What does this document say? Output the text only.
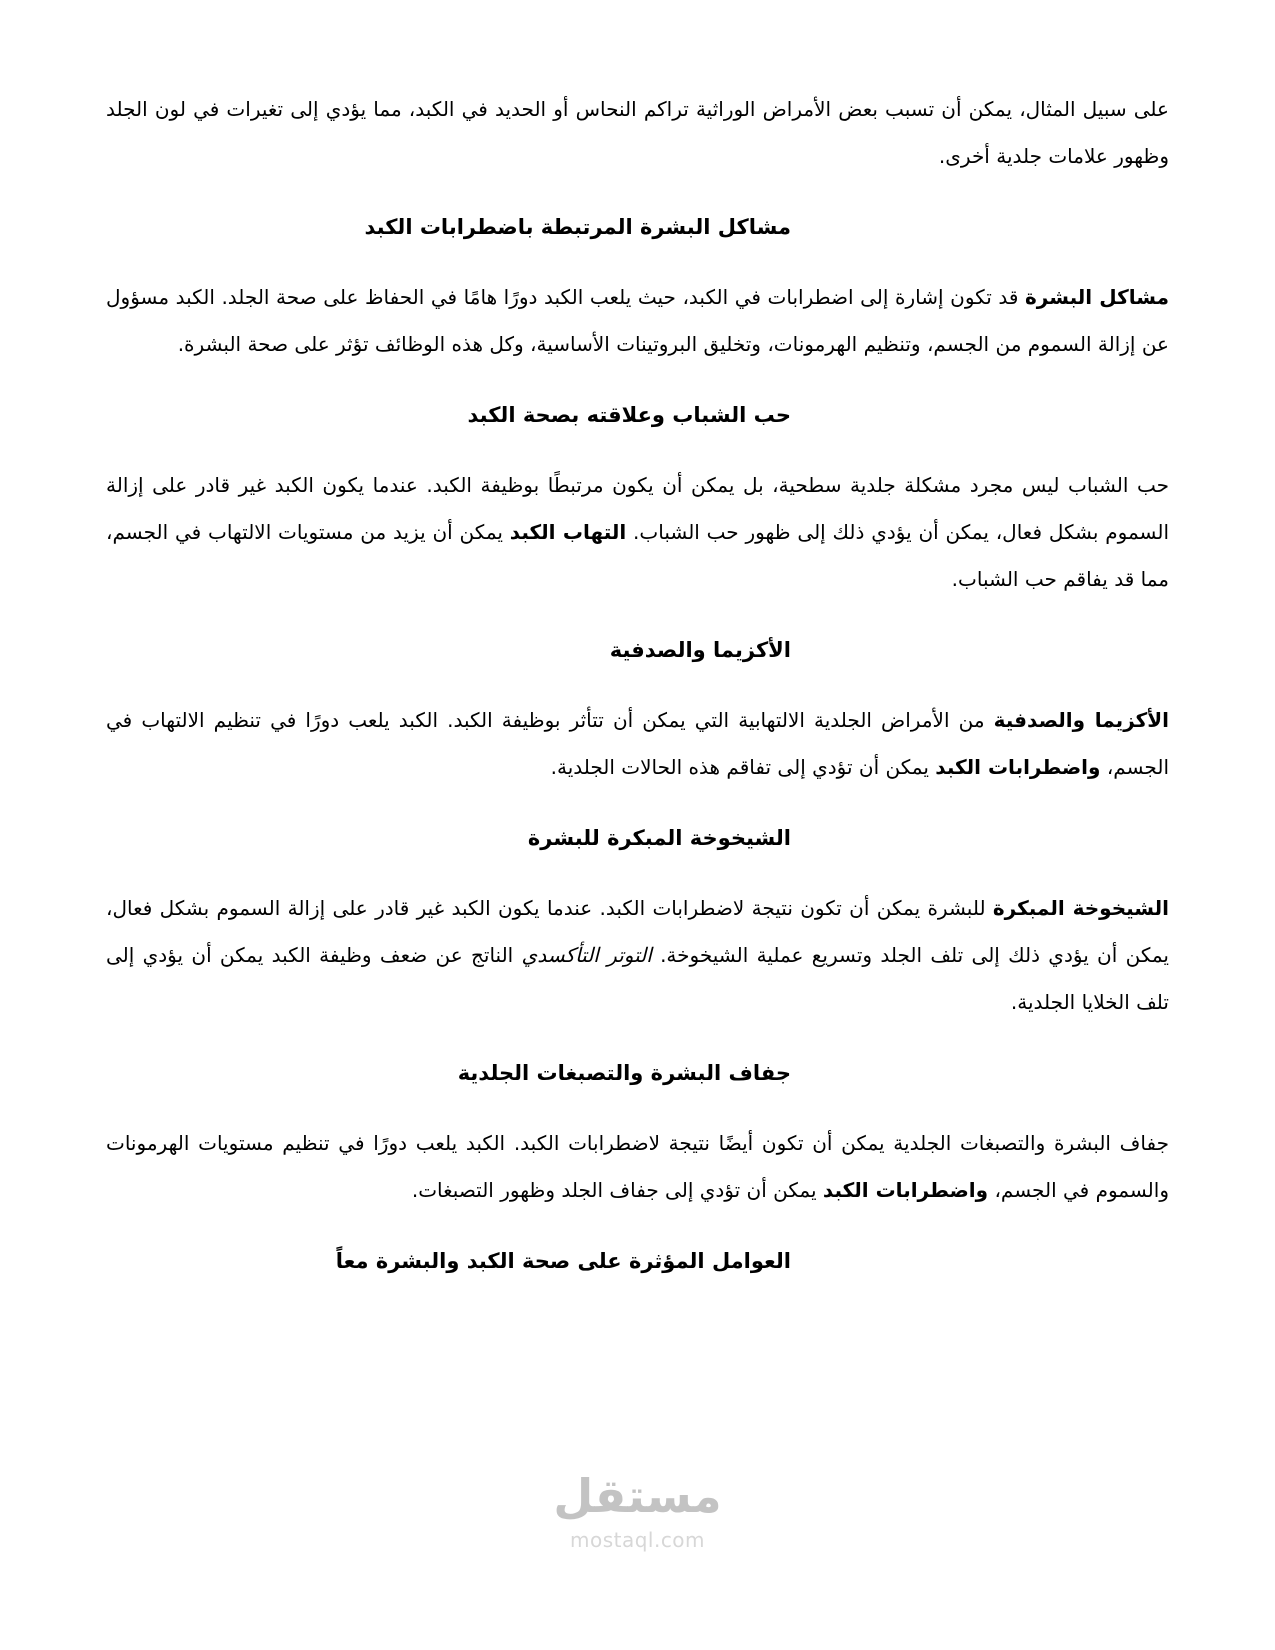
على سبيل المثال، يمكن أن تسبب بعض الأمراض الوراثية تراكم النحاس أو الحديد في الكبد، مما يؤدي إلى تغيرات في لون الجلد وظهور علامات جلدية أخرى.

مشاكل البشرة المرتبطة باضطرابات الكبد

مشاكل البشرة قد تكون إشارة إلى اضطرابات في الكبد، حيث يلعب الكبد دورًا هامًا في الحفاظ على صحة الجلد. الكبد مسؤول عن إزالة السموم من الجسم، وتنظيم الهرمونات، وتخليق البروتينات الأساسية، وكل هذه الوظائف تؤثر على صحة البشرة.

حب الشباب وعلاقته بصحة الكبد

حب الشباب ليس مجرد مشكلة جلدية سطحية، بل يمكن أن يكون مرتبطًا بوظيفة الكبد. عندما يكون الكبد غير قادر على إزالة السموم بشكل فعال، يمكن أن يؤدي ذلك إلى ظهور حب الشباب. التهاب الكبد يمكن أن يزيد من مستويات الالتهاب في الجسم، مما قد يفاقم حب الشباب.

الأكزيما والصدفية

الأكزيما والصدفية من الأمراض الجلدية الالتهابية التي يمكن أن تتأثر بوظيفة الكبد. الكبد يلعب دورًا في تنظيم الالتهاب في الجسم، واضطرابات الكبد يمكن أن تؤدي إلى تفاقم هذه الحالات الجلدية.

الشيخوخة المبكرة للبشرة

الشيخوخة المبكرة للبشرة يمكن أن تكون نتيجة لاضطرابات الكبد. عندما يكون الكبد غير قادر على إزالة السموم بشكل فعال، يمكن أن يؤدي ذلك إلى تلف الجلد وتسريع عملية الشيخوخة. التوتر التأكسدي الناتج عن ضعف وظيفة الكبد يمكن أن يؤدي إلى تلف الخلايا الجلدية.

جفاف البشرة والتصبغات الجلدية

جفاف البشرة والتصبغات الجلدية يمكن أن تكون أيضًا نتيجة لاضطرابات الكبد. الكبد يلعب دورًا في تنظيم مستويات الهرمونات والسموم في الجسم، واضطرابات الكبد يمكن أن تؤدي إلى جفاف الجلد وظهور التصبغات.

العوامل المؤثرة على صحة الكبد والبشرة معاً
مستقل
mostaql.com
